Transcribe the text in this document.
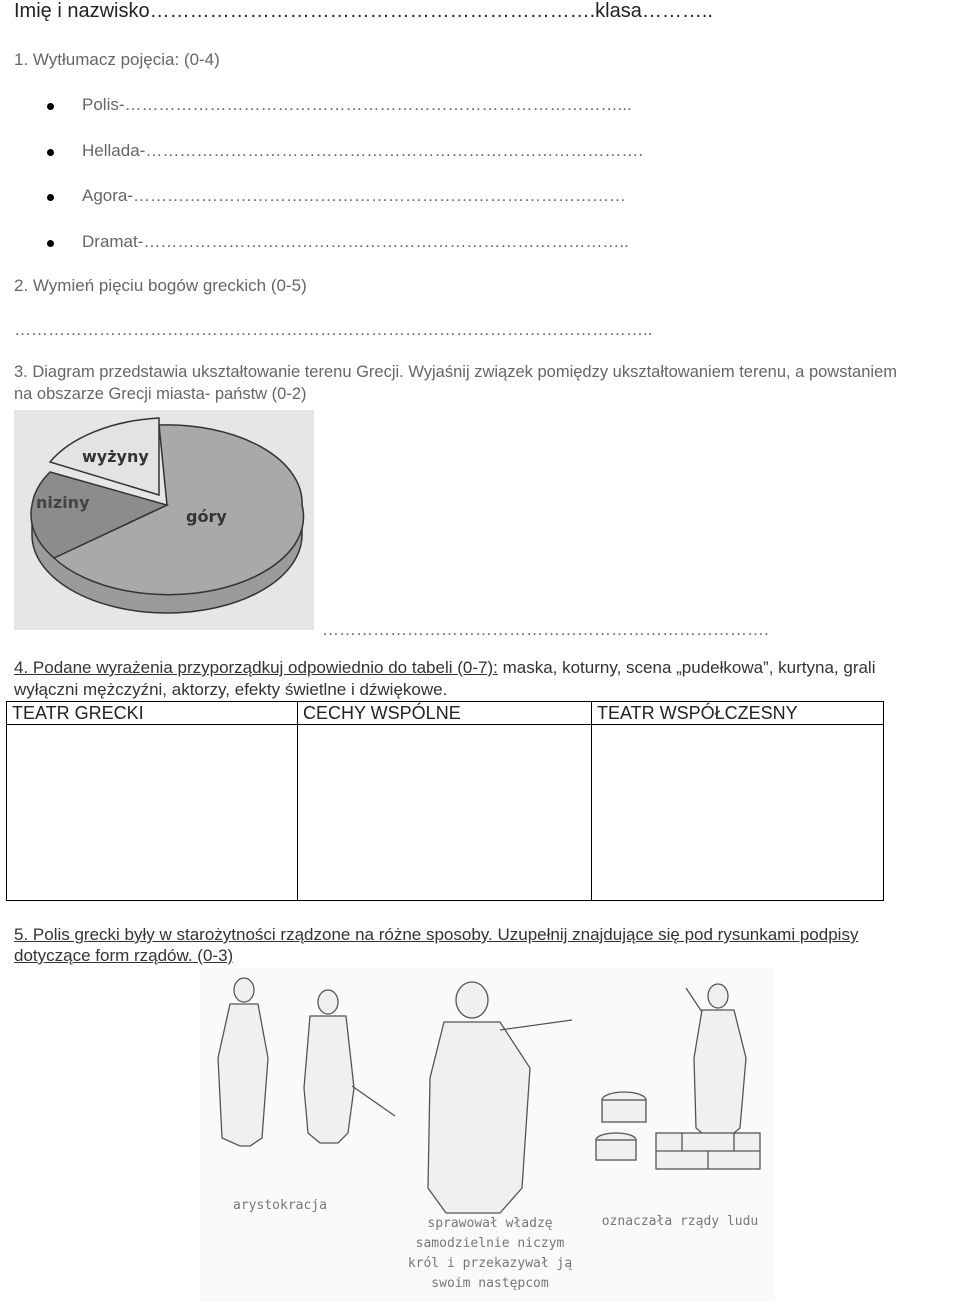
Imię i nazwisko………………………………………………………….klasa………..
1. Wytłumacz pojęcia: (0-4)
Polis-……………………………………………………………………………...
Hellada-…………………………………………………………………………….
Agora-……………………………………………………………………………
Dramat-…………………………………………………………………………..
2. Wymień pięciu bogów greckich (0-5)
…………………………………………………………………………………………………..
3. Diagram przedstawia ukształtowanie terenu Grecji. Wyjaśnij związek pomiędzy ukształtowaniem terenu, a powstaniem
na obszarze Grecji miasta- państw (0-2)
wyżyny
niziny
góry
…………………………………………………………………….
4. Podane wyrażenia przyporządkuj odpowiednio do tabeli (0-7): maska, koturny, scena „pudełkowa”, kurtyna, grali
wyłączni mężczyźni, aktorzy, efekty świetlne i dźwiękowe.
TEATR GRECKI	CECHY WSPÓLNE	TEATR WSPÓŁCZESNY

5. Polis grecki były w starożytności rządzone na różne sposoby. Uzupełnij znajdujące się pod rysunkami podpisy
dotyczące form rządów. (0-3)
arystokracja
sprawował władzę
samodzielnie niczym
król i przekazywał ją
swoim następcom
oznaczała rządy ludu
